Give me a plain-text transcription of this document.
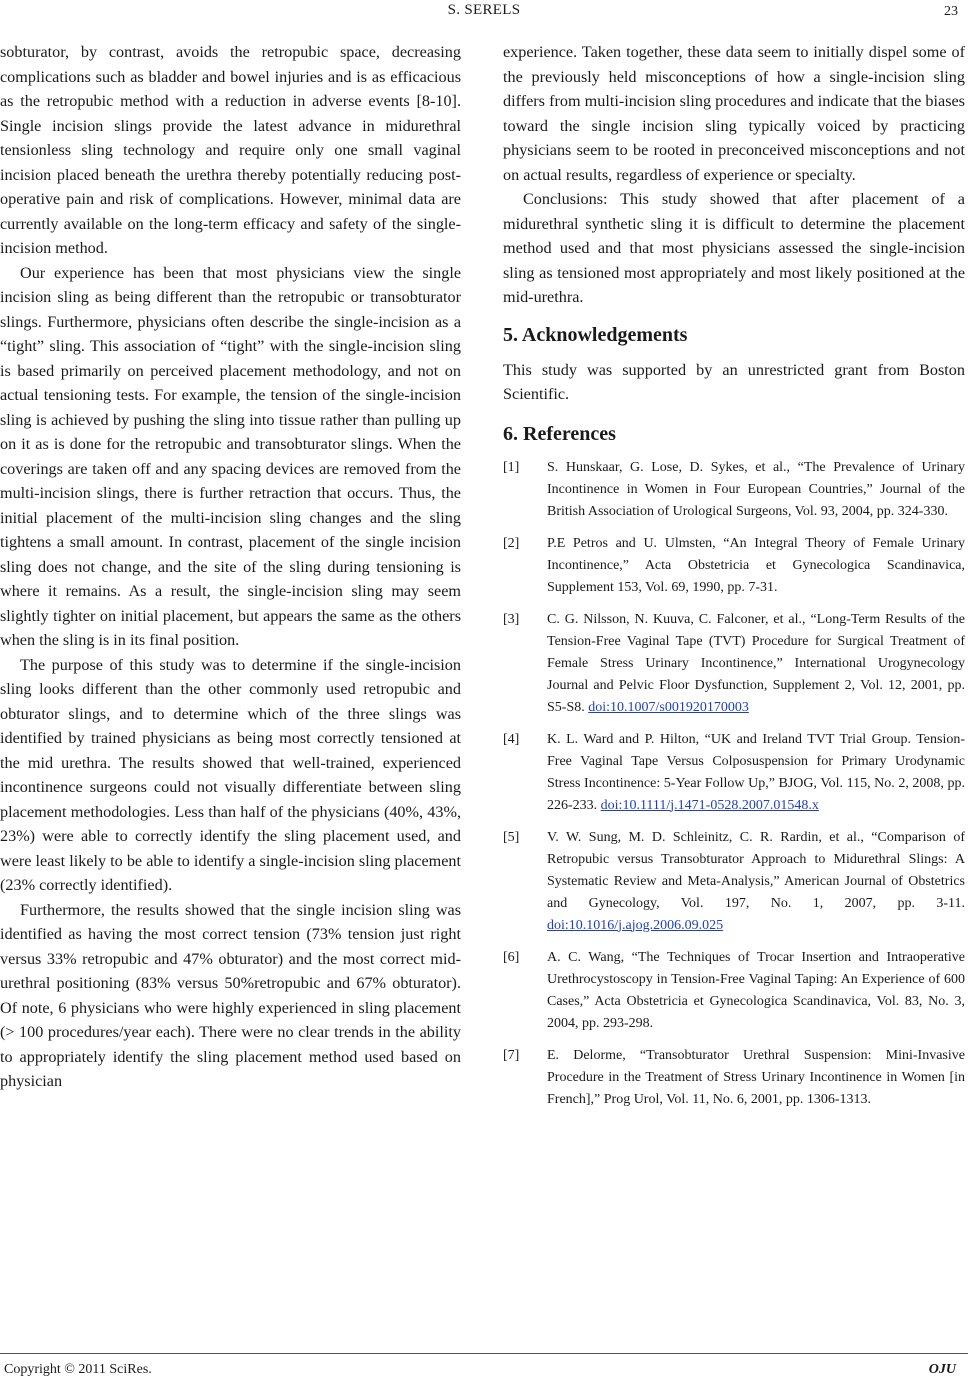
S. SERELS	23

sobturator, by contrast, avoids the retropubic space, decreasing complications such as bladder and bowel injuries and is as efficacious as the retropubic method with a reduction in adverse events [8-10]. Single incision slings provide the latest advance in midurethral tensionless sling technology and require only one small vaginal incision placed beneath the urethra thereby potentially reducing post-operative pain and risk of complications. However, minimal data are currently available on the long-term efficacy and safety of the single-incision method.

Our experience has been that most physicians view the single incision sling as being different than the retropubic or transobturator slings. Furthermore, physicians often describe the single-incision as a “tight” sling. This association of “tight” with the single-incision sling is based primarily on perceived placement methodology, and not on actual tensioning tests. For example, the tension of the single-incision sling is achieved by pushing the sling into tissue rather than pulling up on it as is done for the retropubic and transobturator slings. When the coverings are taken off and any spacing devices are removed from the multi-incision slings, there is further retraction that occurs. Thus, the initial placement of the multi-incision sling changes and the sling tightens a small amount. In contrast, placement of the single incision sling does not change, and the site of the sling during tensioning is where it remains. As a result, the single-incision sling may seem slightly tighter on initial placement, but appears the same as the others when the sling is in its final position.

The purpose of this study was to determine if the single-incision sling looks different than the other commonly used retropubic and obturator slings, and to determine which of the three slings was identified by trained physicians as being most correctly tensioned at the mid urethra. The results showed that well-trained, experienced incontinence surgeons could not visually differentiate between sling placement methodologies. Less than half of the physicians (40%, 43%, 23%) were able to correctly identify the sling placement used, and were least likely to be able to identify a single-incision sling placement (23% correctly identified).

Furthermore, the results showed that the single incision sling was identified as having the most correct tension (73% tension just right versus 33% retropubic and 47% obturator) and the most correct mid-urethral positioning (83% versus 50%retropubic and 67% obturator). Of note, 6 physicians who were highly experienced in sling placement (> 100 procedures/year each). There were no clear trends in the ability to appropriately identify the sling placement method used based on physician

experience. Taken together, these data seem to initially dispel some of the previously held misconceptions of how a single-incision sling differs from multi-incision sling procedures and indicate that the biases toward the single incision sling typically voiced by practicing physicians seem to be rooted in preconceived misconceptions and not on actual results, regardless of experience or specialty.

Conclusions: This study showed that after placement of a midurethral synthetic sling it is difficult to determine the placement method used and that most physicians assessed the single-incision sling as tensioned most appropriately and most likely positioned at the mid-urethra.

5. Acknowledgements

This study was supported by an unrestricted grant from Boston Scientific.

6. References
[1]	S. Hunskaar, G. Lose, D. Sykes, et al., “The Prevalence of Urinary Incontinence in Women in Four European Countries,” Journal of the British Association of Urological Surgeons, Vol. 93, 2004, pp. 324-330.
[2]	P.E Petros and U. Ulmsten, “An Integral Theory of Female Urinary Incontinence,” Acta Obstetricia et Gynecologica Scandinavica, Supplement 153, Vol. 69, 1990, pp. 7-31.
[3]	C. G. Nilsson, N. Kuuva, C. Falconer, et al., “Long-Term Results of the Tension-Free Vaginal Tape (TVT) Procedure for Surgical Treatment of Female Stress Urinary Incontinence,” International Urogynecology Journal and Pelvic Floor Dysfunction, Supplement 2, Vol. 12, 2001, pp. S5-S8. doi:10.1007/s001920170003
[4]	K. L. Ward and P. Hilton, “UK and Ireland TVT Trial Group. Tension-Free Vaginal Tape Versus Colposuspension for Primary Urodynamic Stress Incontinence: 5-Year Follow Up,” BJOG, Vol. 115, No. 2, 2008, pp. 226-233. doi:10.1111/j.1471-0528.2007.01548.x
[5]	V. W. Sung, M. D. Schleinitz, C. R. Rardin, et al., “Comparison of Retropubic versus Transobturator Approach to Midurethral Slings: A Systematic Review and Meta-Analysis,” American Journal of Obstetrics and Gynecology, Vol. 197, No. 1, 2007, pp. 3-11. doi:10.1016/j.ajog.2006.09.025
[6]	A. C. Wang, “The Techniques of Trocar Insertion and Intraoperative Urethrocystoscopy in Tension-Free Vaginal Taping: An Experience of 600 Cases,” Acta Obstetricia et Gynecologica Scandinavica, Vol. 83, No. 3, 2004, pp. 293-298.
[7]	E. Delorme, “Transobturator Urethral Suspension: Mini-Invasive Procedure in the Treatment of Stress Urinary Incontinence in Women [in French],” Prog Urol, Vol. 11, No. 6, 2001, pp. 1306-1313.
Copyright © 2011 SciRes.	OJU
